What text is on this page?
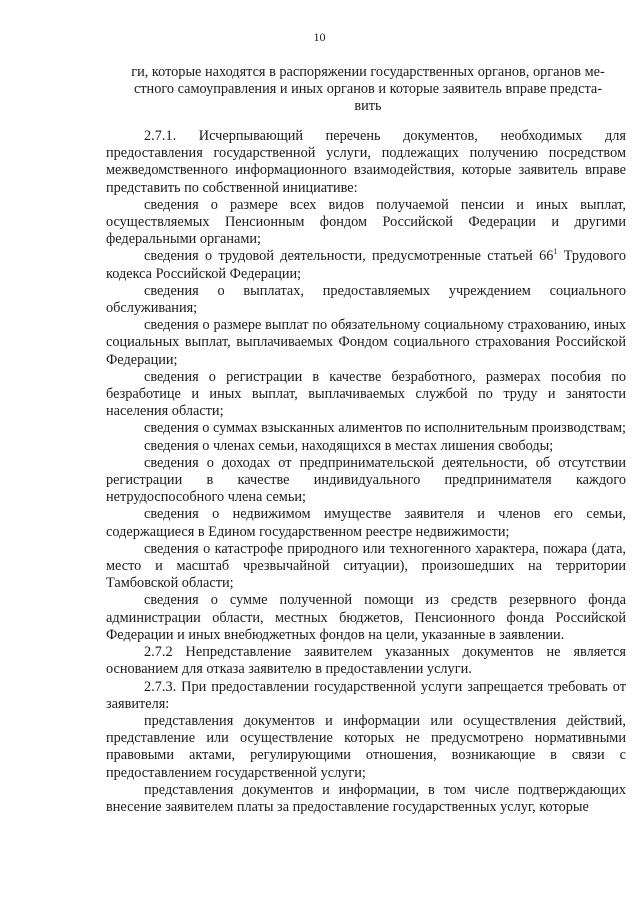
10
ги, которые находятся в распоряжении государственных органов, органов ме-
стного самоуправления и иных органов и которые заявитель вправе предста-
вить

2.7.1. Исчерпывающий перечень документов, необходимых для предоставления государственной услуги, подлежащих получению посредством межведомственного информационного взаимодействия, которые заявитель вправе представить по собственной инициативе:

сведения о размере всех видов получаемой пенсии и иных выплат, осуществляемых Пенсионным фондом Российской Федерации и другими федеральными органами;

сведения о трудовой деятельности, предусмотренные статьей $66^1$ Трудового кодекса Российской Федерации;

сведения о выплатах, предоставляемых учреждением социального обслуживания;

сведения о размере выплат по обязательному социальному страхованию, иных социальных выплат, выплачиваемых Фондом социального страхования Российской Федерации;

сведения о регистрации в качестве безработного, размерах пособия по безработице и иных выплат, выплачиваемых службой по труду и занятости населения области;

сведения о суммах взысканных алиментов по исполнительным производствам;

сведения о членах семьи, находящихся в местах лишения свободы;

сведения о доходах от предпринимательской деятельности, об отсутствии регистрации в качестве индивидуального предпринимателя каждого нетрудоспособного члена семьи;

сведения о недвижимом имуществе заявителя и членов его семьи, содержащиеся в Едином государственном реестре недвижимости;

сведения о катастрофе природного или техногенного характера, пожара (дата, место и масштаб чрезвычайной ситуации), произошедших на территории Тамбовской области;

сведения о сумме полученной помощи из средств резервного фонда администрации области, местных бюджетов, Пенсионного фонда Российской Федерации и иных внебюджетных фондов на цели, указанные в заявлении.

2.7.2 Непредставление заявителем указанных документов не является основанием для отказа заявителю в предоставлении услуги.

2.7.3. При предоставлении государственной услуги запрещается требовать от заявителя:

представления документов и информации или осуществления действий, представление или осуществление которых не предусмотрено нормативными правовыми актами, регулирующими отношения, возникающие в связи с предоставлением государственной услуги;

представления документов и информации, в том числе подтверждающих внесение заявителем платы за предоставление государственных услуг, которые
